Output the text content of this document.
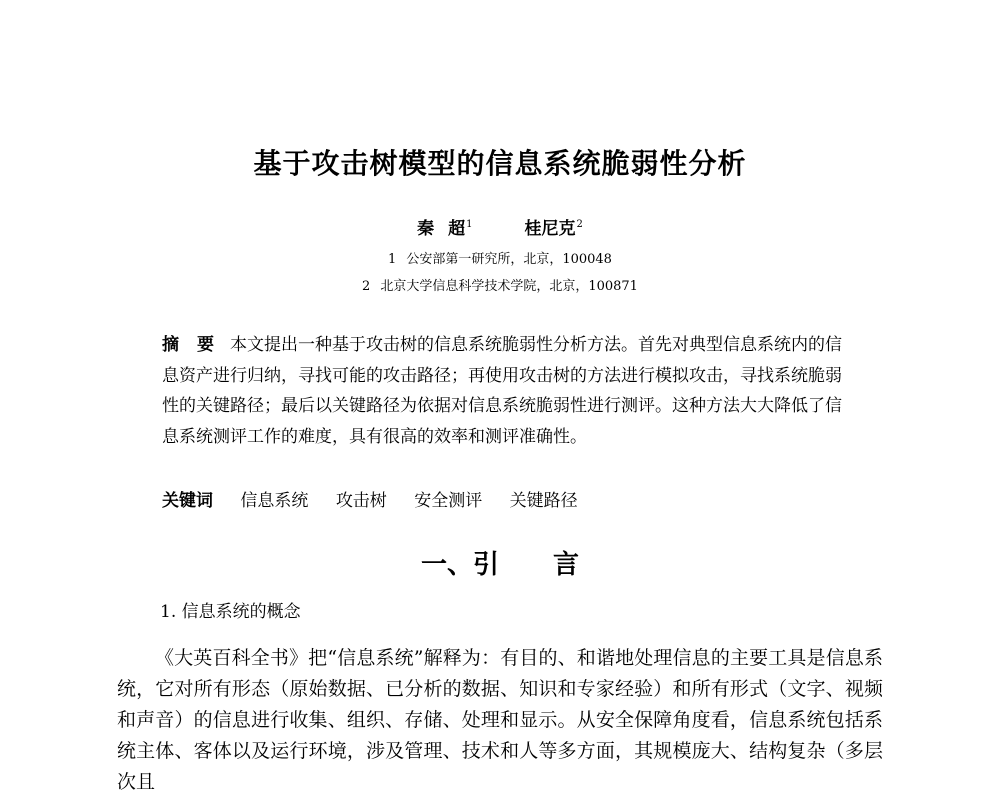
基于攻击树模型的信息系统脆弱性分析
秦 超$^1$	桂尼克$^2$
1 公安部第一研究所，北京，100048
2 北京大学信息科学技术学院，北京，100871
摘 要 本文提出一种基于攻击树的信息系统脆弱性分析方法。首先对典型信息系统内的信息资产进行归纳，寻找可能的攻击路径；再使用攻击树的方法进行模拟攻击，寻找系统脆弱性的关键路径；最后以关键路径为依据对信息系统脆弱性进行测评。这种方法大大降低了信息系统测评工作的难度，具有很高的效率和测评准确性。
关键词 信息系统 攻击树 安全测评 关键路径
一、引 言
1. 信息系统的概念
《大英百科全书》把“信息系统”解释为：有目的、和谐地处理信息的主要工具是信息系统，它对所有形态（原始数据、已分析的数据、知识和专家经验）和所有形式（文字、视频和声音）的信息进行收集、组织、存储、处理和显示。从安全保障角度看，信息系统包括系统主体、客体以及运行环境，涉及管理、技术和人等多方面，其规模庞大、结构复杂（多层次且
